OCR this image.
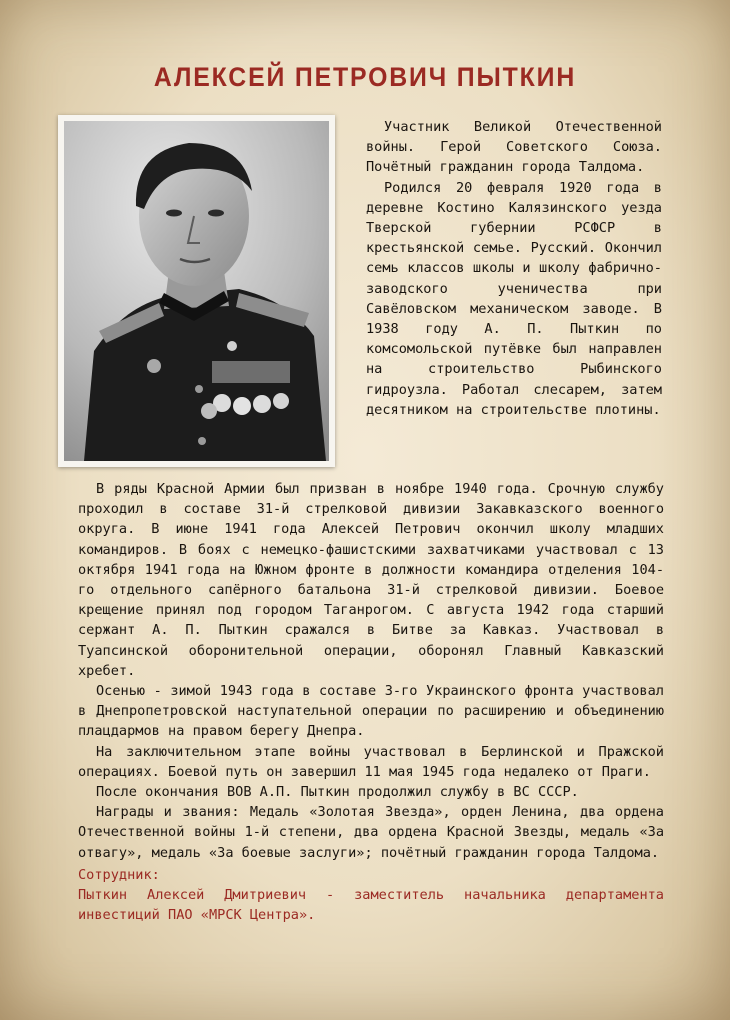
АЛЕКСЕЙ ПЕТРОВИЧ ПЫТКИН

Участник Великой Отечественной войны. Герой Советского Союза. Почётный гражданин города Талдома.

Родился 20 февраля 1920 года в деревне Костино Калязинского уезда Тверской губернии РСФСР в крестьянской семье. Русский. Окончил семь классов школы и школу фабрично-заводского ученичества при Савёловском механическом заводе. В 1938 году А. П. Пыткин по комсомольской путёвке был направлен на строительство Рыбинского гидроузла. Работал слесарем, затем десятником на строительстве плотины.

В ряды Красной Армии был призван в ноябре 1940 года. Срочную службу проходил в составе 31-й стрелковой дивизии Закавказского военного округа. В июне 1941 года Алексей Петрович окончил школу младших командиров. В боях с немецко-фашистскими захватчиками участвовал с 13 октября 1941 года на Южном фронте в должности командира отделения 104-го отдельного сапёрного батальона 31-й стрелковой дивизии. Боевое крещение принял под городом Таганрогом. С августа 1942 года старший сержант А. П. Пыткин сражался в Битве за Кавказ. Участвовал в Туапсинской оборонительной операции, оборонял Главный Кавказский хребет.

Осенью - зимой 1943 года в составе 3-го Украинского фронта участвовал в Днепропетровской наступательной операции по расширению и объединению плацдармов на правом берегу Днепра.

На заключительном этапе войны участвовал в Берлинской и Пражской операциях. Боевой путь он завершил 11 мая 1945 года недалеко от Праги.

После окончания ВОВ А.П. Пыткин продолжил службу в ВС СССР.

Награды и звания: Медаль «Золотая Звезда», орден Ленина, два ордена Отечественной войны 1-й степени, два ордена Красной Звезды, медаль «За отвагу», медаль «За боевые заслуги»; почётный гражданин города Талдома.

Сотрудник:

Пыткин Алексей Дмитриевич - заместитель начальника департамента инвестиций ПАО «МРСК Центра».
